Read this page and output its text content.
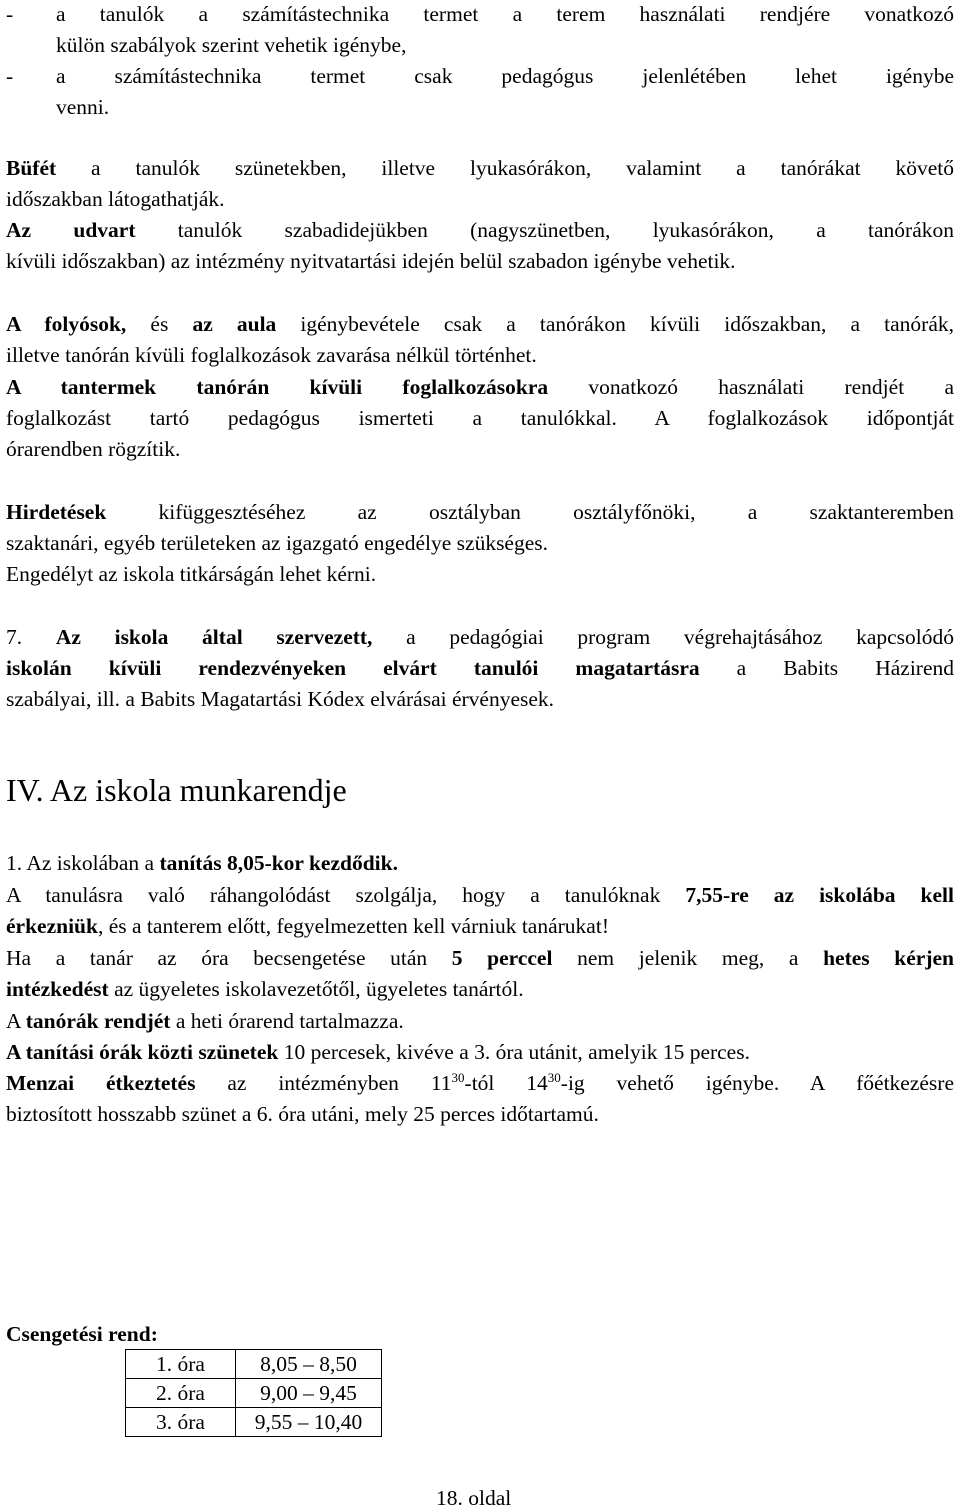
- a tanulók a számítástechnika termet a terem használati rendjére vonatkozó
külön szabályok szerint vehetik igénybe,
- a számítástechnika termet csak pedagógus jelenlétében lehet igénybe
venni.
Büfét a tanulók szünetekben, illetve lyukasórákon, valamint a tanórákat követő
időszakban látogathatják.
Az udvart tanulók szabadidejükben (nagyszünetben, lyukasórákon, a tanórákon
kívüli időszakban) az intézmény nyitvatartási idején belül szabadon igénybe vehetik.
A folyósok, és az aula igénybevétele csak a tanórákon kívüli időszakban, a tanórák,
illetve tanórán kívüli foglalkozások zavarása nélkül történhet.
A tantermek tanórán kívüli foglalkozásokra vonatkozó használati rendjét a
foglalkozást tartó pedagógus ismerteti a tanulókkal. A foglalkozások időpontját
órarendben rögzítik.
Hirdetések kifüggesztéséhez az osztályban osztályfőnöki, a szaktanteremben
szaktanári, egyéb területeken az igazgató engedélye szükséges.
Engedélyt az iskola titkárságán lehet kérni.
7. Az iskola által szervezett, a pedagógiai program végrehajtásához kapcsolódó
iskolán kívüli rendezvényeken elvárt tanulói magatartásra a Babits Házirend
szabályai, ill. a Babits Magatartási Kódex elvárásai érvényesek.
IV. Az iskola munkarendje
1. Az iskolában a tanítás 8,05-kor kezdődik.
A tanulásra való ráhangolódást szolgálja, hogy a tanulóknak 7,55-re az iskolába kell
érkezniük, és a tanterem előtt, fegyelmezetten kell várniuk tanárukat!
Ha a tanár az óra becsengetése után 5 perccel nem jelenik meg, a hetes kérjen
intézkedést az ügyeletes iskolavezetőtől, ügyeletes tanártól.
A tanórák rendjét a heti órarend tartalmazza.
A tanítási órák közti szünetek 10 percesek, kivéve a 3. óra utánit, amelyik 15 perces.
Menzai étkeztetés az intézményben $11^{30}$-tól $14^{30}-ig$ vehető igénybe. A főétkezésre
biztosított hosszabb szünet a 6. óra utáni, mely 25 perces időtartamú.
Csengetési rend:
1. óra	8,05 – 8,50
2. óra	9,00 – 9,45
3. óra	9,55 – 10,40
18. oldal
